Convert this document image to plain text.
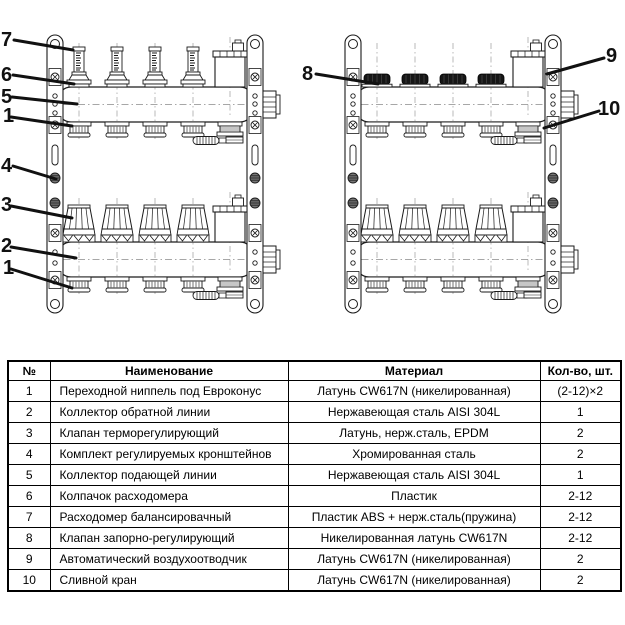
7
6
5
1
4
3
2
1
8
9
10
№	Наименование	Материал	Кол-во, шт.
1	Переходной ниппель под Евроконус	Латунь CW617N (никелированная)	(2-12)×2
2	Коллектор обратной линии	Нержавеющая сталь AISI 304L	1
3	Клапан терморегулирующий	Латунь, нерж.сталь, EPDM	2
4	Комплект регулируемых кронштейнов	Хромированная сталь	2
5	Коллектор подающей линии	Нержавеющая сталь AISI 304L	1
6	Колпачок расходомера	Пластик	2-12
7	Расходомер балансировачный	Пластик ABS + нерж.сталь(пружина)	2-12
8	Клапан запорно-регулирующий	Никелированная латунь CW617N	2-12
9	Автоматический воздухоотводчик	Латунь CW617N (никелированная)	2
10	Сливной кран	Латунь CW617N (никелированная)	2
